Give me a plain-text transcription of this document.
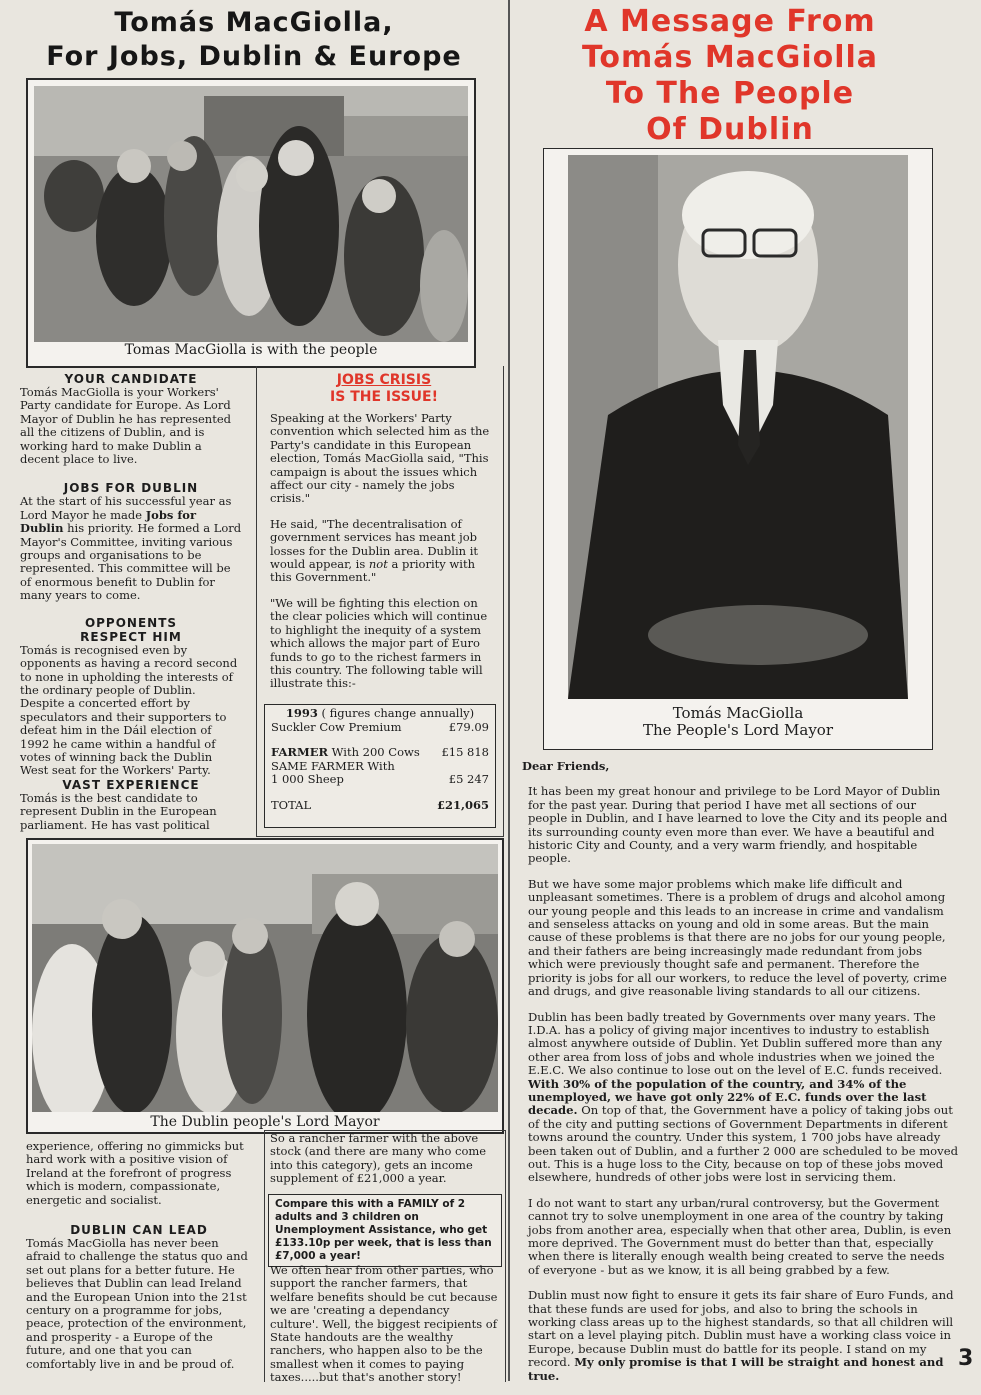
Tomás MacGiolla,
For Jobs, Dublin & Europe
A Message From
Tomás MacGiolla
To The People
Of Dublin
Tomas MacGiolla is with the people
YOUR CANDIDATE

Tomás MacGiolla is your Workers' Party candidate for Europe. As Lord Mayor of Dublin he has represented all the citizens of Dublin, and is working hard to make Dublin a decent place to live.

JOBS FOR DUBLIN

At the start of his successful year as Lord Mayor he made Jobs for Dublin his priority. He formed a Lord Mayor's Committee, inviting various groups and organisations to be represented. This committee will be of enormous benefit to Dublin for many years to come.

OPPONENTS
RESPECT HIM

Tomás is recognised even by opponents as having a record second to none in upholding the interests of the ordinary people of Dublin. Despite a concerted effort by speculators and their supporters to defeat him in the Dáil election of 1992 he came within a handful of votes of winning back the Dublin West seat for the Workers' Party.

VAST EXPERIENCE

Tomás is the best candidate to represent Dublin in the European parliament. He has vast political

JOBS CRISIS
IS THE ISSUE!

Speaking at the Workers' Party convention which selected him as the Party's candidate in this European election, Tomás MacGiolla said, "This campaign is about the issues which affect our city - namely the jobs crisis."

He said, "The decentralisation of government services has meant job losses for the Dublin area. Dublin it would appear, is not a priority with this Government."

"We will be fighting this election on the clear policies which will continue to highlight the inequity of a system which allows the major part of Euro funds to go to the richest farmers in this country. The following table will illustrate this:-

1993 ( figures change annually)
Suckler Cow Premium	£79.09
FARMER With 200 Cows £15 818
SAME FARMER With
1 000 Sheep	£5 247
TOTAL	£21,065
The Dublin people's Lord Mayor

experience, offering no gimmicks but hard work with a positive vision of Ireland at the forefront of progress which is modern, compassionate, energetic and socialist.

DUBLIN CAN LEAD

Tomás MacGiolla has never been afraid to challenge the status quo and set out plans for a better future. He believes that Dublin can lead Ireland and the European Union into the 21st century on a programme for jobs, peace, protection of the environment, and prosperity - a Europe of the future, and one that you can comfortably live in and be proud of.

So a rancher farmer with the above stock (and there are many who come into this category), gets an income supplement of £21,000 a year.

Compare this with a FAMILY of 2 adults and 3 children on Unemployment Assistance, who get £133.10p per week, that is less than £7,000 a year!

We often hear from other parties, who support the rancher farmers, that welfare benefits should be cut because we are 'creating a dependancy culture'. Well, the biggest recipients of State handouts are the wealthy ranchers, who happen also to be the smallest when it comes to paying taxes.....but that's another story!

Tomás MacGiolla
The People's Lord Mayor

Dear Friends,

It has been my great honour and privilege to be Lord Mayor of Dublin for the past year. During that period I have met all sections of our people in Dublin, and I have learned to love the City and its people and its surrounding county even more than ever. We have a beautiful and historic City and County, and a very warm friendly, and hospitable people.

But we have some major problems which make life difficult and unpleasant sometimes. There is a problem of drugs and alcohol among our young people and this leads to an increase in crime and vandalism and senseless attacks on young and old in some areas. But the main cause of these problems is that there are no jobs for our young people, and their fathers are being increasingly made redundant from jobs which were previously thought safe and permanent. Therefore the priority is jobs for all our workers, to reduce the level of poverty, crime and drugs, and give reasonable living standards to all our citizens.

Dublin has been badly treated by Governments over many years. The I.D.A. has a policy of giving major incentives to industry to establish almost anywhere outside of Dublin. Yet Dublin suffered more than any other area from loss of jobs and whole industries when we joined the E.E.C. We also continue to lose out on the level of E.C. funds received. With 30% of the population of the country, and 34% of the unemployed, we have got only 22% of E.C. funds over the last decade. On top of that, the Government have a policy of taking jobs out of the city and putting sections of Government Departments in diferent towns around the country. Under this system, 1 700 jobs have already been taken out of Dublin, and a further 2 000 are scheduled to be moved out. This is a huge loss to the City, because on top of these jobs moved elsewhere, hundreds of other jobs were lost in servicing them.

I do not want to start any urban/rural controversy, but the Goverment cannot try to solve unemployment in one area of the country by taking jobs from another area, especially when that other area, Dublin, is even more deprived. The Government must do better than that, especially when there is literally enough wealth being created to serve the needs of everyone - but as we know, it is all being grabbed by a few.

Dublin must now fight to ensure it gets its fair share of Euro Funds, and that these funds are used for jobs, and also to bring the schools in working class areas up to the highest standards, so that all children will start on a level playing pitch. Dublin must have a working class voice in Europe, because Dublin must do battle for its people. I stand on my record. My only promise is that I will be straight and honest and true.

3
